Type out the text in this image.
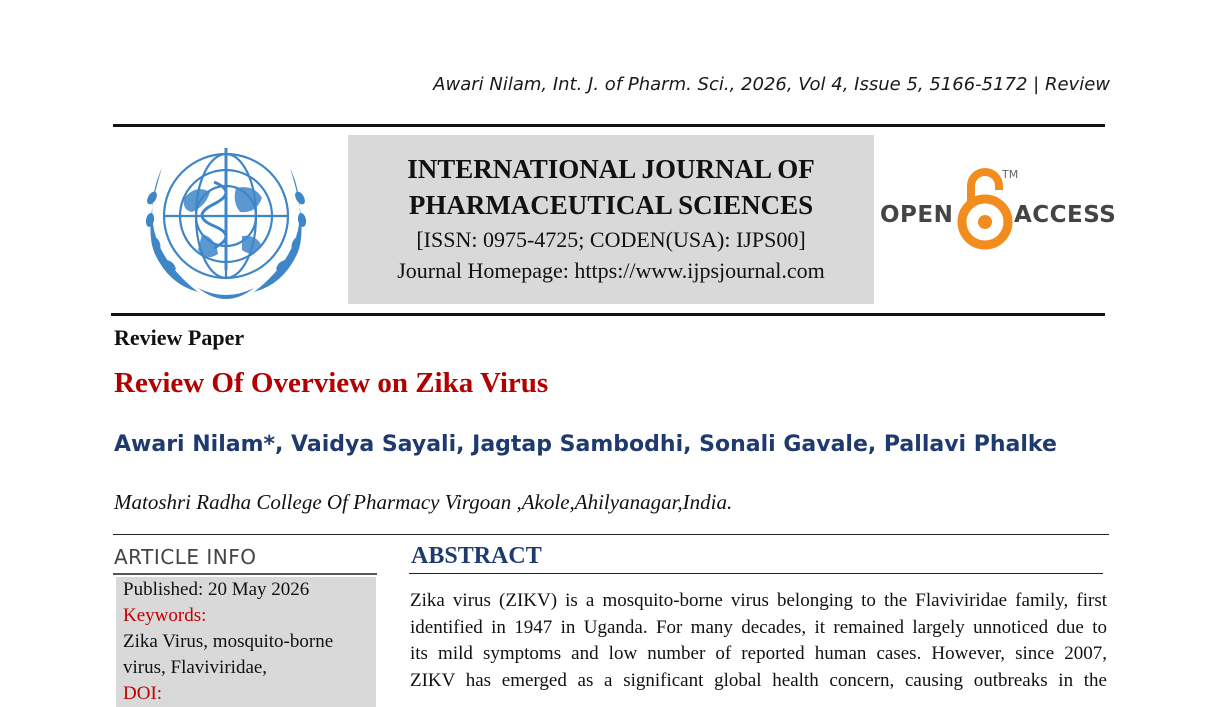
Awari Nilam, Int. J. of Pharm. Sci., 2026, Vol 4, Issue 5, 5166-5172 | Review
INTERNATIONAL JOURNAL OF
PHARMACEUTICAL SCIENCES
[ISSN: 0975-4725; CODEN(USA): IJPS00]
Journal Homepage: https://www.ijpsjournal.com
OPEN
TM
ACCESS
Review Paper
Review Of Overview on Zika Virus
Awari Nilam*, Vaidya Sayali, Jagtap Sambodhi, Sonali Gavale, Pallavi Phalke
Matoshri Radha College Of Pharmacy Virgoan ,Akole,Ahilyanagar,India.
ARTICLE INFO
Published: 20 May 2026
Keywords:
Zika Virus, mosquito-borne
virus, Flaviviridae,
DOI:
ABSTRACT
Zika virus (ZIKV) is a mosquito-borne virus belonging to the Flaviviridae family, first
identified in 1947 in Uganda. For many decades, it remained largely unnoticed due to
its mild symptoms and low number of reported human cases. However, since 2007,
ZIKV has emerged as a significant global health concern, causing outbreaks in the
